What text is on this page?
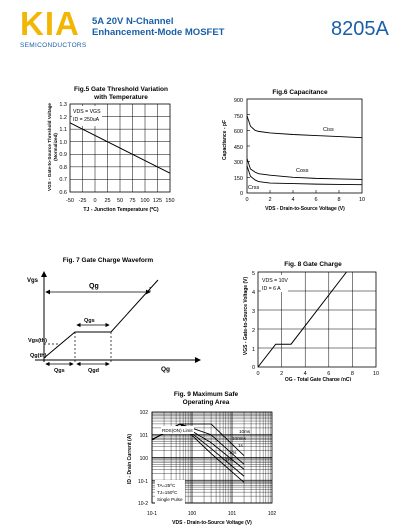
KIA
SEMICONDUCTORS
5A 20V N-Channel
Enhancement-Mode MOSFET	8205A
Fig.5 Gate Threshold Variation
with Temperature
VGS - Gate-to-Source Threshold Voltage (Normalized)
1.3
1.2
1.1
1.0
0.9
0.8
0.7
0.6
-50 -25 0 25 50 75 100 125 150
TJ - Junction Temperature (ºC)
VDS = VGS
ID = 250uA
Fig.6 Capacitance
Capacitance - pF
900
750
600
450
300
150
0
0	2	4	6	8	10
VDS - Drain-to-Source Voltage (V)
Ciss
Coss
Crss
Fig. 7 Gate Charge Waveform
Vgs
Qg
Qgs
Vgs(th)
Qg(th)
Qgs	Qgd	Qg
Fig. 8 Gate Charge
VGS - Gate-to-Source Voltage (V)
5
4
3
2
1
0
0	2	4	6	8	10
QG - Total Gate Charge (nC)
VDS = 10V
ID = 6 A
Fig. 9 Maximum Safe
Operating Area
ID - Drain Current (A)
102
101
100
10-1
10-2
10-1	100	101	102
VDS - Drain-to-Source Voltage (V)
RDS(ON) Limit	10ms
100ms
1s
10s
DC
TA=25ºC
TJ=150ºC
Single Pulse
